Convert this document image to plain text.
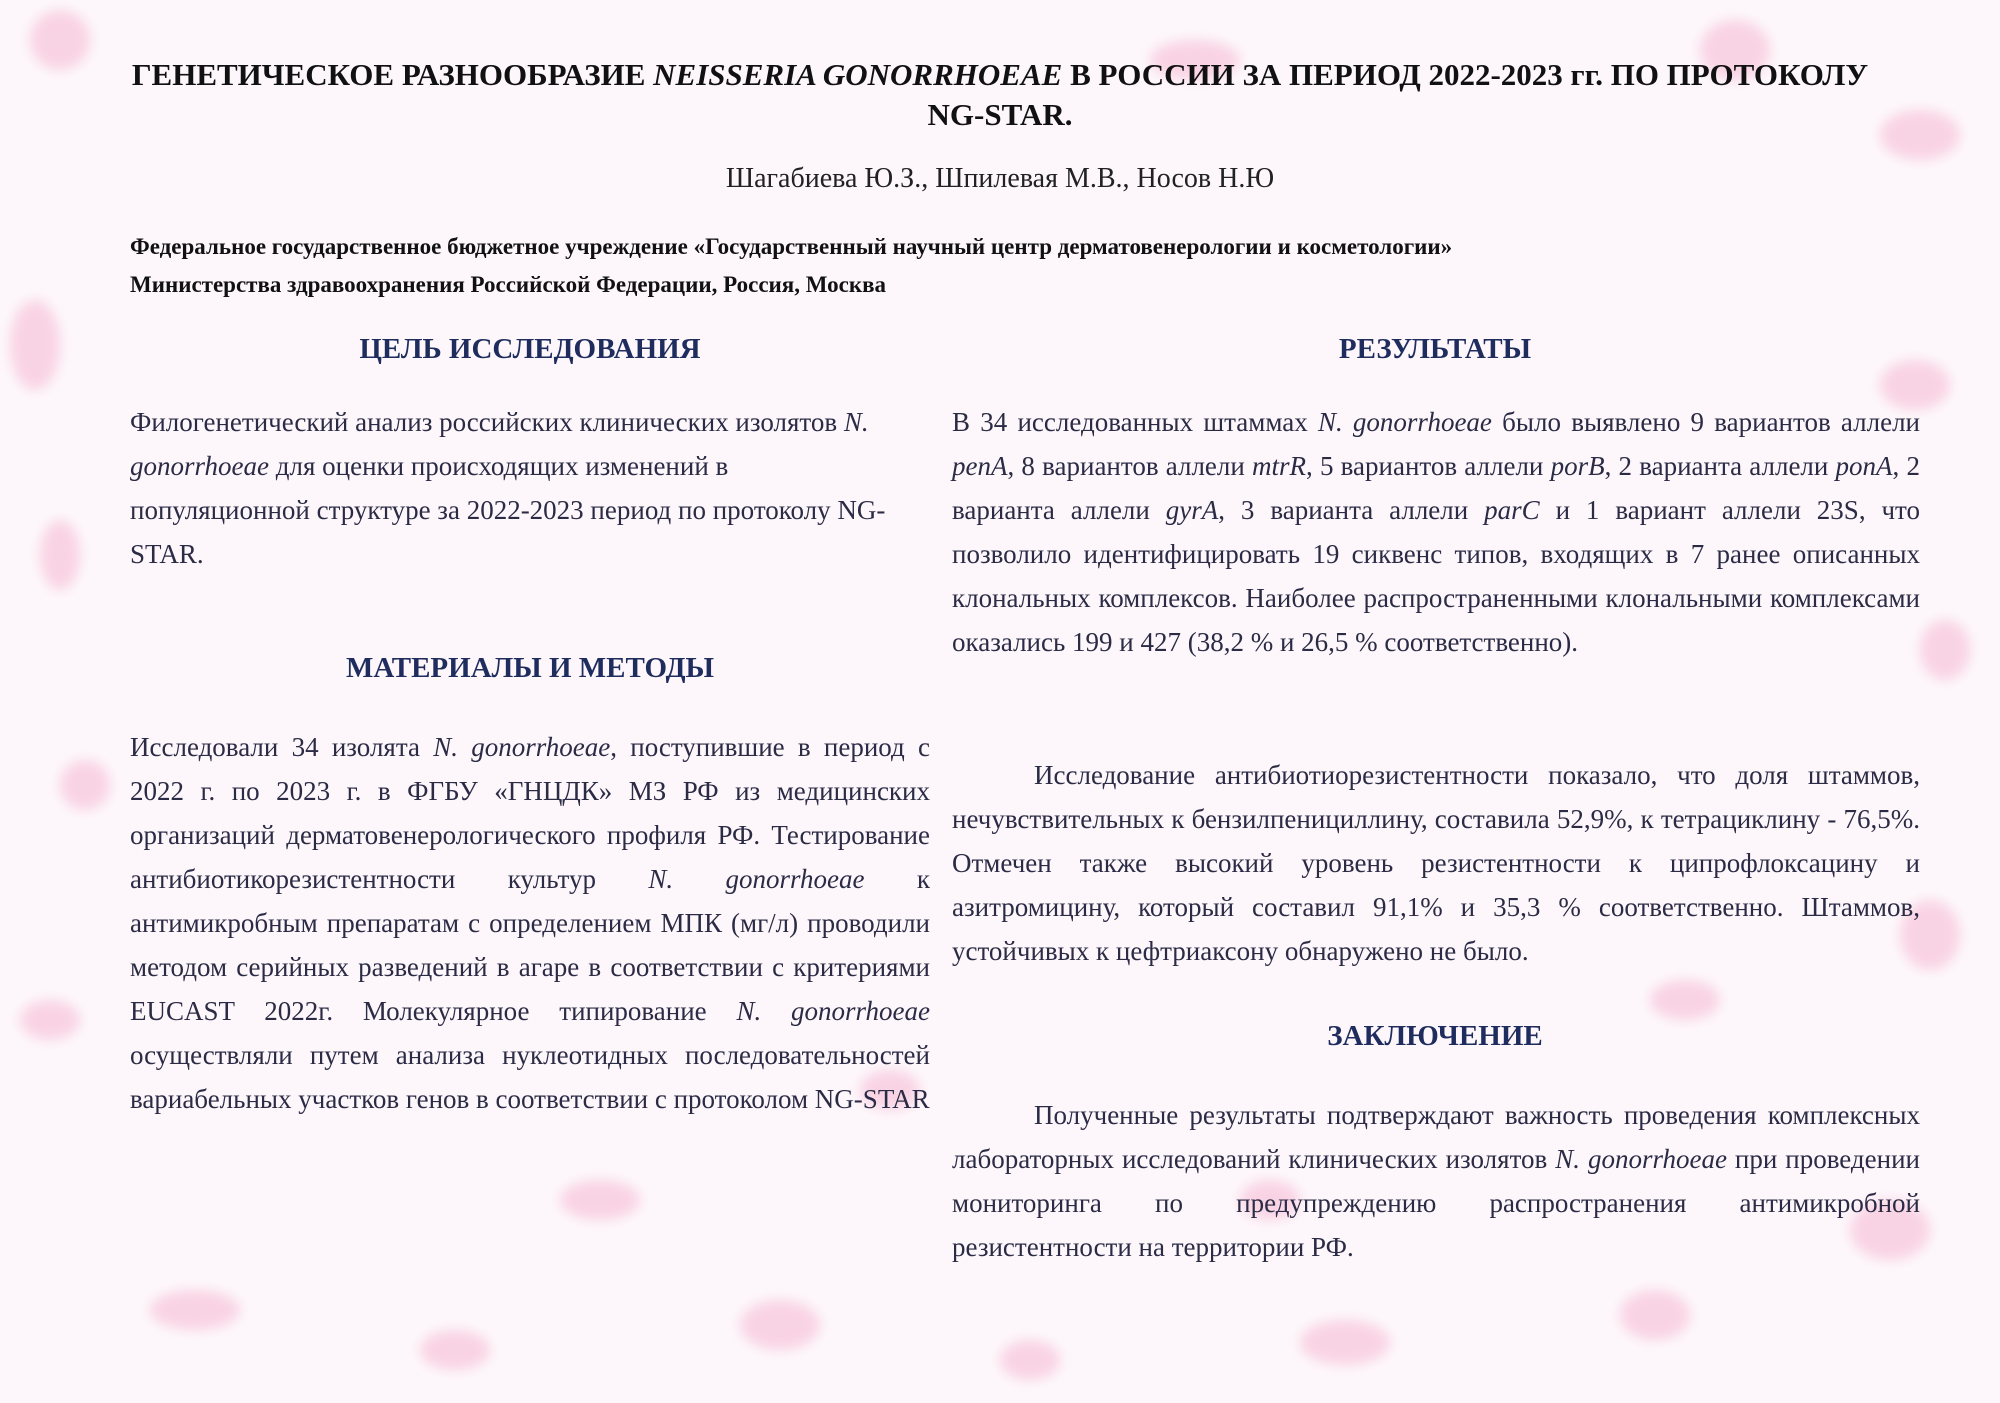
ГЕНЕТИЧЕСКОЕ РАЗНООБРАЗИЕ NEISSERIA GONORRHOEAE В РОССИИ ЗА ПЕРИОД 2022-2023 гг. ПО ПРОТОКОЛУ NG-STAR.
Шагабиева Ю.З., Шпилевая М.В., Носов Н.Ю
Федеральное государственное бюджетное учреждение «Государственный научный центр дерматовенерологии и косметологии»
Министерства здравоохранения Российской Федерации, Россия, Москва
ЦЕЛЬ ИССЛЕДОВАНИЯ

Филогенетический анализ российских клинических изолятов N. gonorrhoeae для оценки происходящих изменений в популяционной структуре за 2022-2023 период по протоколу NG-STAR.

МАТЕРИАЛЫ И МЕТОДЫ

Исследовали 34 изолята N. gonorrhoeae, поступившие в период с 2022 г. по 2023 г. в ФГБУ «ГНЦДК» МЗ РФ из медицинских организаций дерматовенерологического профиля РФ. Тестирование антибиотикорезистентности культур N. gonorrhoeae к антимикробным препаратам с определением МПК (мг/л) проводили методом серийных разведений в агаре в соответствии с критериями EUCAST 2022г. Молекулярное типирование N. gonorrhoeae осуществляли путем анализа нуклеотидных последовательностей вариабельных участков генов в соответствии с протоколом NG-STAR

РЕЗУЛЬТАТЫ

В 34 исследованных штаммах N. gonorrhoeae было выявлено 9 вариантов аллели penA, 8 вариантов аллели mtrR, 5 вариантов аллели porB, 2 варианта аллели ponA, 2 варианта аллели gyrA, 3 варианта аллели parC и 1 вариант аллели 23S, что позволило идентифицировать 19 сиквенс типов, входящих в 7 ранее описанных клональных комплексов. Наиболее распространенными клональными комплексами оказались 199 и 427 (38,2 % и 26,5 % соответственно).

Исследование антибиотиорезистентности показало, что доля штаммов, нечувствительных к бензилпенициллину, составила 52,9%, к тетрациклину - 76,5%. Отмечен также высокий уровень резистентности к ципрофлоксацину и азитромицину, который составил 91,1% и 35,3 % соответственно. Штаммов, устойчивых к цефтриаксону обнаружено не было.

ЗАКЛЮЧЕНИЕ

Полученные результаты подтверждают важность проведения комплексных лабораторных исследований клинических изолятов N. gonorrhoeae при проведении мониторинга по предупреждению распространения антимикробной резистентности на территории РФ.
